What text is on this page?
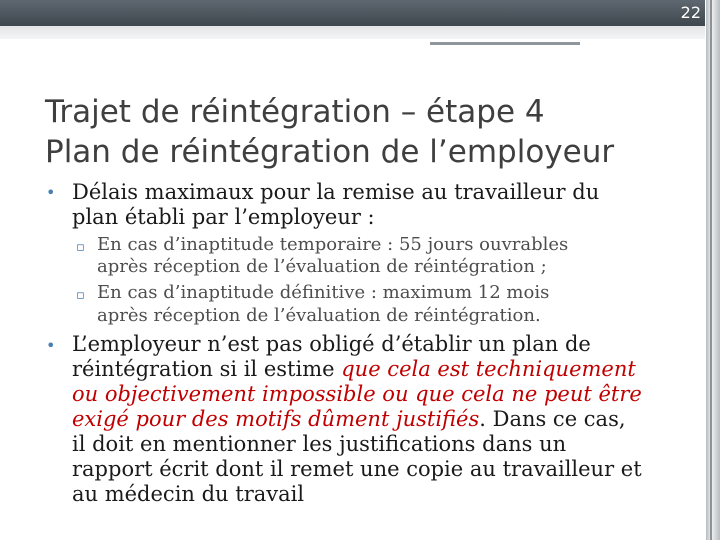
22
Trajet de réintégration – étape 4
Plan de réintégration de l’employeur
• Délais maximaux pour la remise au travailleur du
plan établi par l’employeur :
▫ En cas d’inaptitude temporaire : 55 jours ouvrables
après réception de l’évaluation de réintégration ;
▫ En cas d’inaptitude définitive : maximum 12 mois
après réception de l’évaluation de réintégration.
• L’employeur n’est pas obligé d’établir un plan de
réintégration si il estime que cela est techniquement
ou objectivement impossible ou que cela ne peut être
exigé pour des motifs dûment justifiés. Dans ce cas,
il doit en mentionner les justifications dans un
rapport écrit dont il remet une copie au travailleur et
au médecin du travail
